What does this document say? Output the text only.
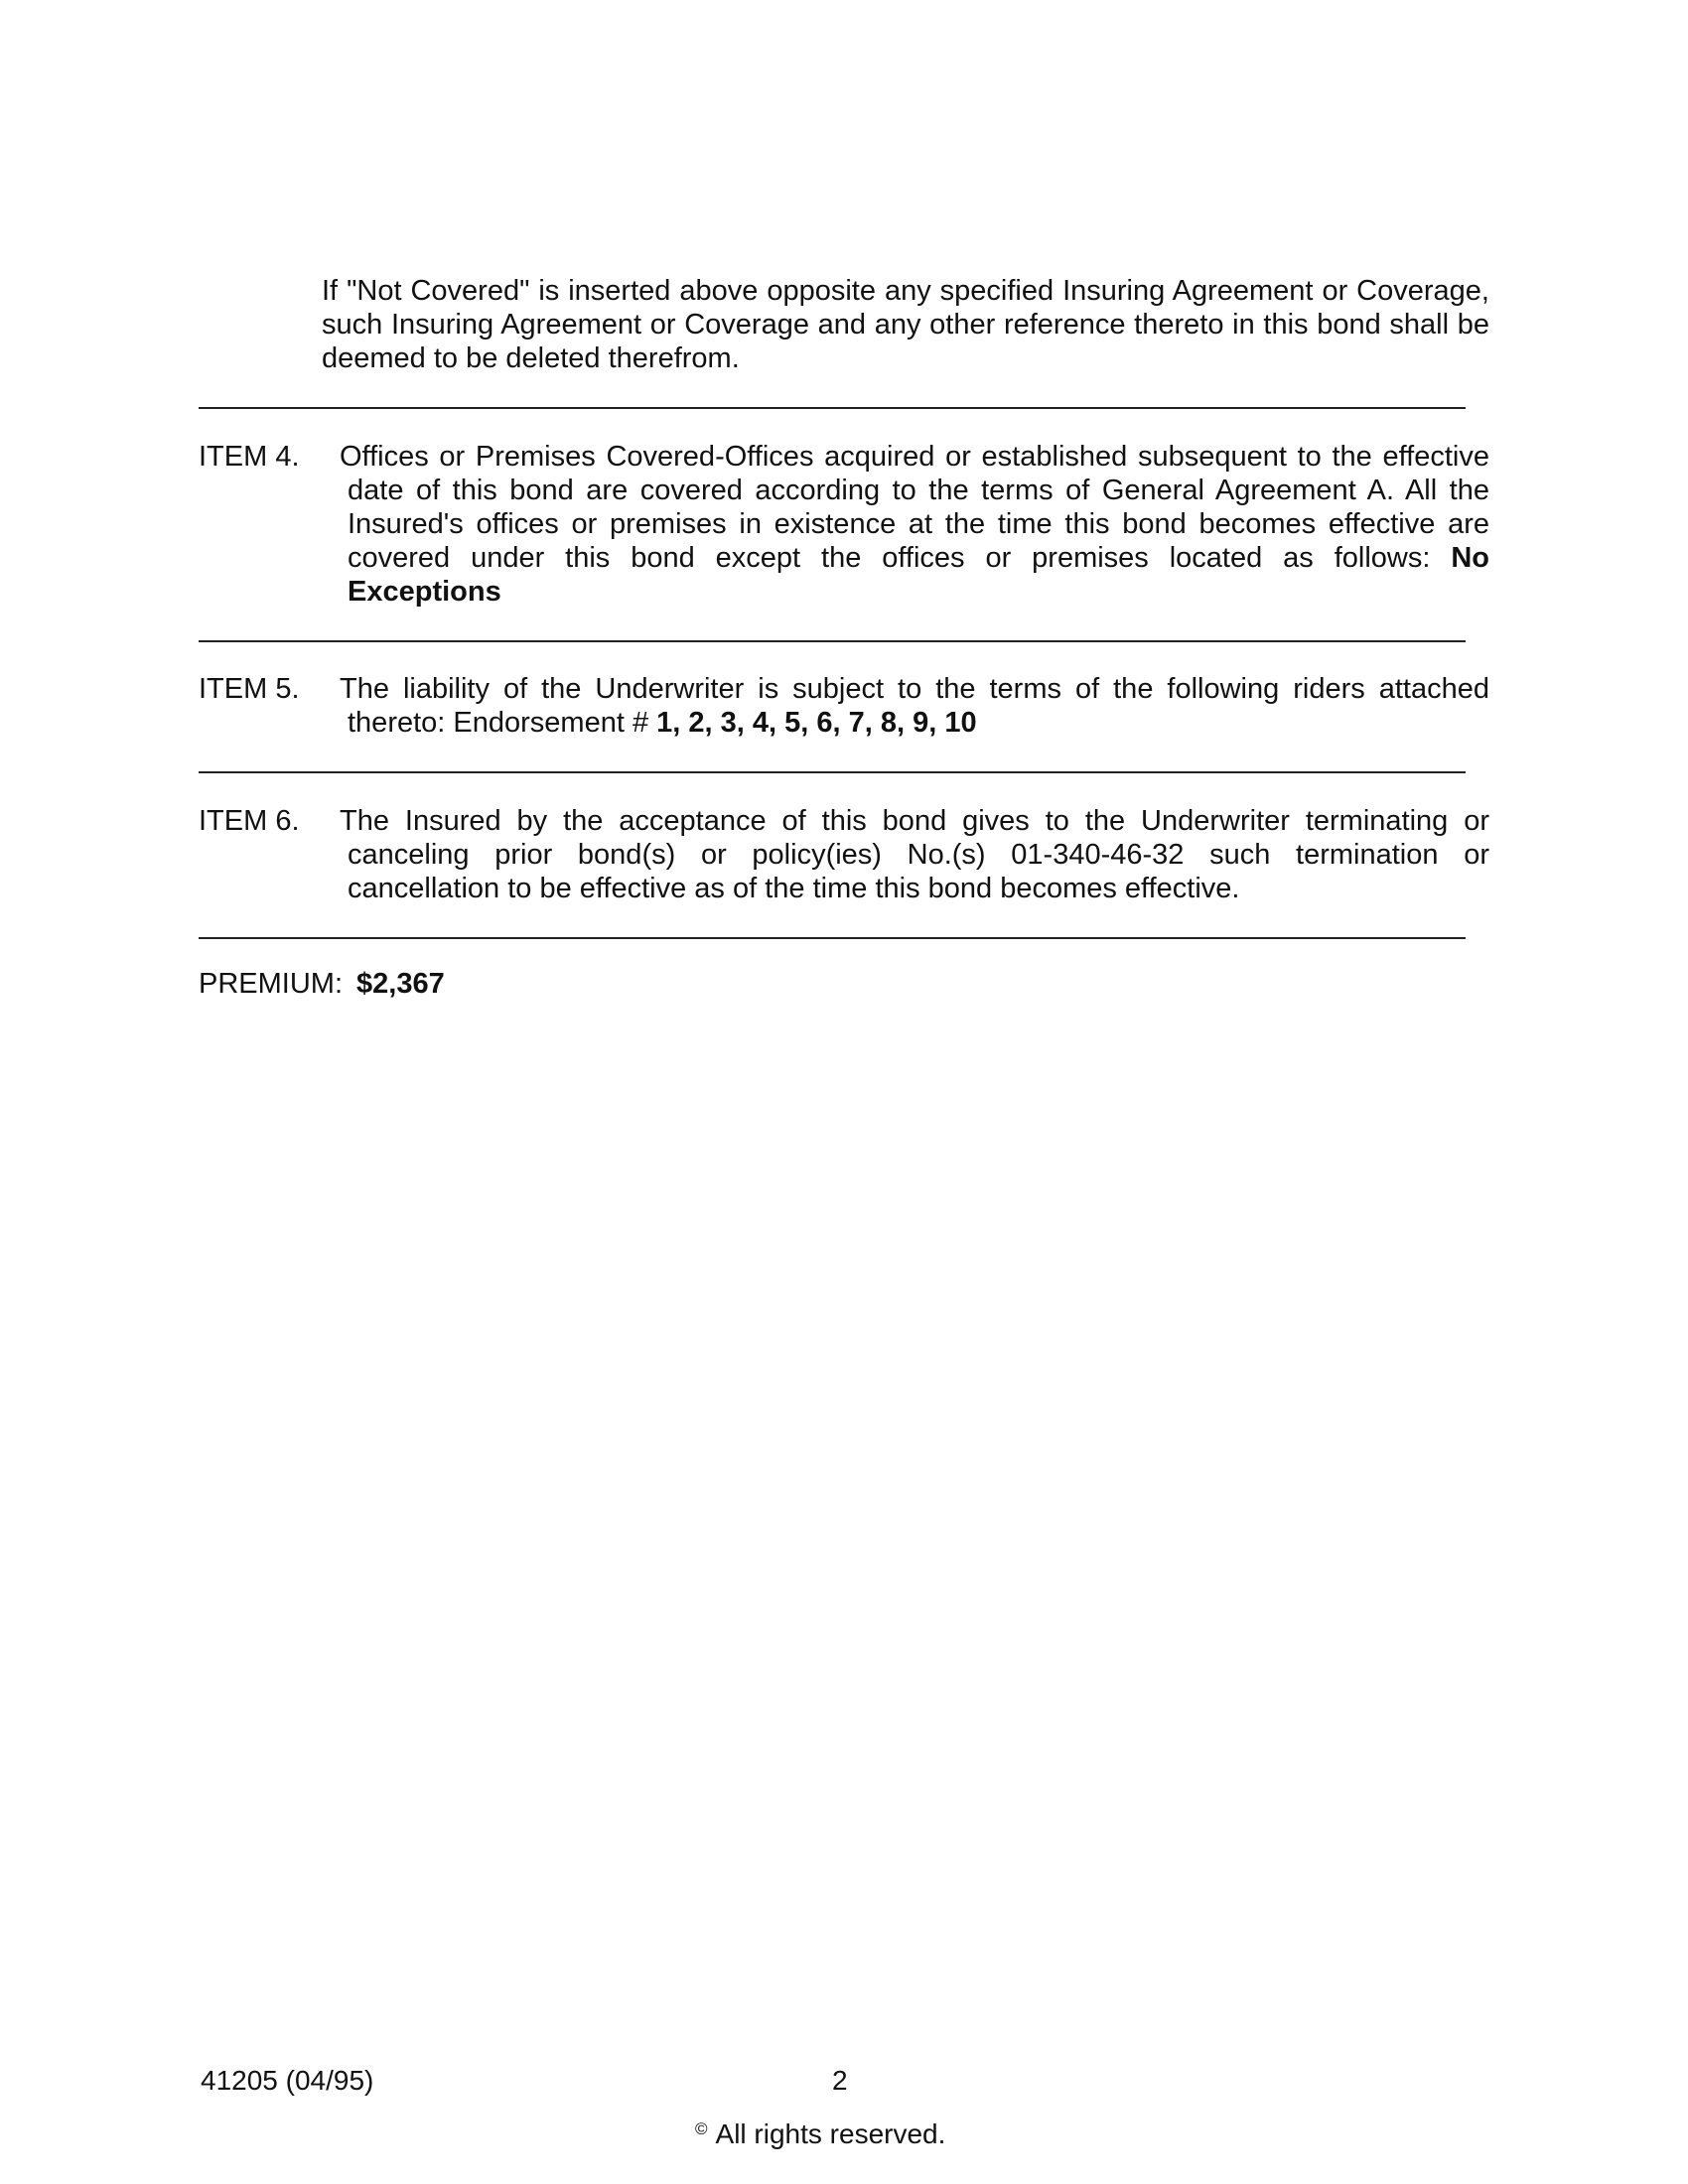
If "Not Covered" is inserted above opposite any specified Insuring Agreement or Coverage, such Insuring Agreement or Coverage and any other reference thereto in this bond shall be deemed to be deleted therefrom.
ITEM 4. Offices or Premises Covered-Offices acquired or established subsequent to the effective date of this bond are covered according to the terms of General Agreement A. All the Insured's offices or premises in existence at the time this bond becomes effective are covered under this bond except the offices or premises located as follows: No Exceptions
ITEM 5. The liability of the Underwriter is subject to the terms of the following riders attached thereto: Endorsement # 1, 2, 3, 4, 5, 6, 7, 8, 9, 10
ITEM 6. The Insured by the acceptance of this bond gives to the Underwriter terminating or canceling prior bond(s) or policy(ies) No.(s) 01-340-46-32 such termination or cancellation to be effective as of the time this bond becomes effective.
PREMIUM: $2,367
41205 (04/95)	2
© All rights reserved.
